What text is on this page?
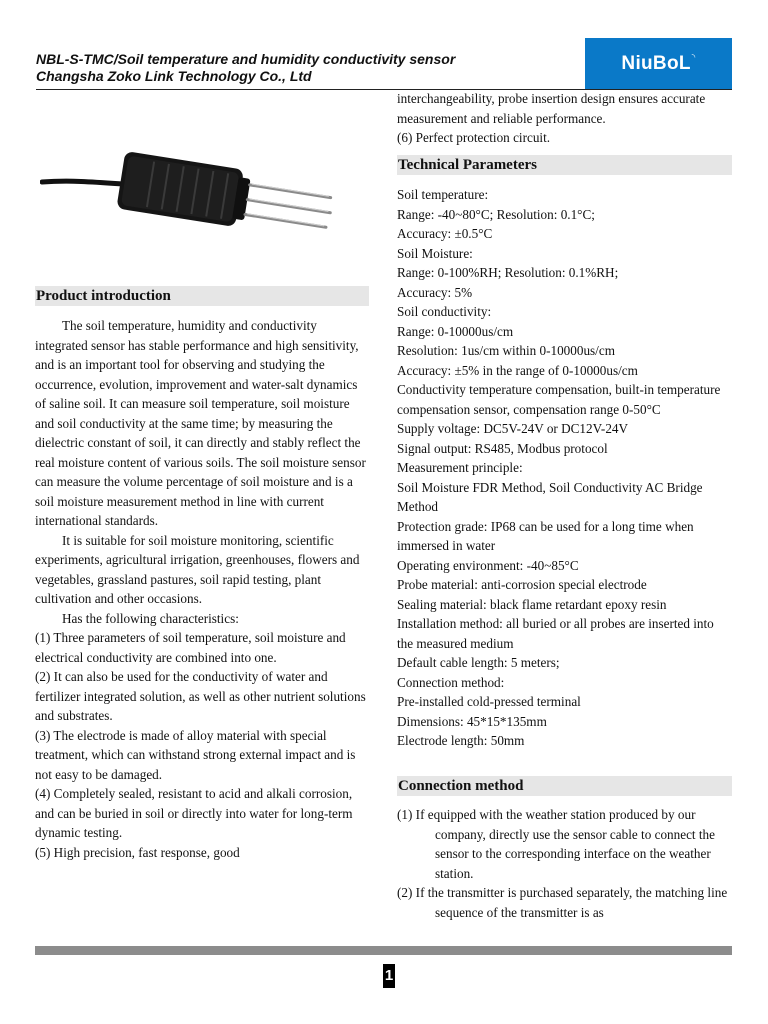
NBL-S-TMC/Soil temperature and humidity conductivity sensor
Changsha Zoko Link Technology Co., Ltd
NiuBoL ◝
Product introduction

The soil temperature, humidity and conductivity integrated sensor has stable performance and high sensitivity, and is an important tool for observing and studying the occurrence, evolution, improvement and water-salt dynamics of saline soil. It can measure soil temperature, soil moisture and soil conductivity at the same time; by measuring the dielectric constant of soil, it can directly and stably reflect the real moisture content of various soils. The soil moisture sensor can measure the volume percentage of soil moisture and is a soil moisture measurement method in line with current international standards.

It is suitable for soil moisture monitoring, scientific experiments, agricultural irrigation, greenhouses, flowers and vegetables, grassland pastures, soil rapid testing, plant cultivation and other occasions.

Has the following characteristics:

(1) Three parameters of soil temperature, soil moisture and electrical conductivity are combined into one.

(2) It can also be used for the conductivity of water and fertilizer integrated solution, as well as other nutrient solutions and substrates.

(3) The electrode is made of alloy material with special treatment, which can withstand strong external impact and is not easy to be damaged.

(4) Completely sealed, resistant to acid and alkali corrosion, and can be buried in soil or directly into water for long-term dynamic testing.

(5) High precision, fast response, good

interchangeability, probe insertion design ensures accurate measurement and reliable performance.

(6) Perfect protection circuit.

Technical Parameters

Soil temperature:

Range: -40~80°C; Resolution: 0.1°C;

Accuracy: ±0.5°C

Soil Moisture:

Range: 0-100%RH; Resolution: 0.1%RH;

Accuracy: 5%

Soil conductivity:

Range: 0-10000us/cm

Resolution: 1us/cm within 0-10000us/cm

Accuracy: ±5% in the range of 0-10000us/cm

Conductivity temperature compensation, built-in temperature compensation sensor, compensation range 0-50°C

Supply voltage: DC5V-24V or DC12V-24V

Signal output: RS485, Modbus protocol

Measurement principle:

Soil Moisture FDR Method, Soil Conductivity AC Bridge Method

Protection grade: IP68 can be used for a long time when immersed in water

Operating environment: -40~85°C

Probe material: anti-corrosion special electrode

Sealing material: black flame retardant epoxy resin

Installation method: all buried or all probes are inserted into the measured medium

Default cable length: 5 meters;

Connection method:

Pre-installed cold-pressed terminal

Dimensions: 45*15*135mm

Electrode length: 50mm

Connection method

(1) If equipped with the weather station produced by our company, directly use the sensor cable to connect the sensor to the corresponding interface on the weather station.

(2) If the transmitter is purchased separately, the matching line sequence of the transmitter is as

1
